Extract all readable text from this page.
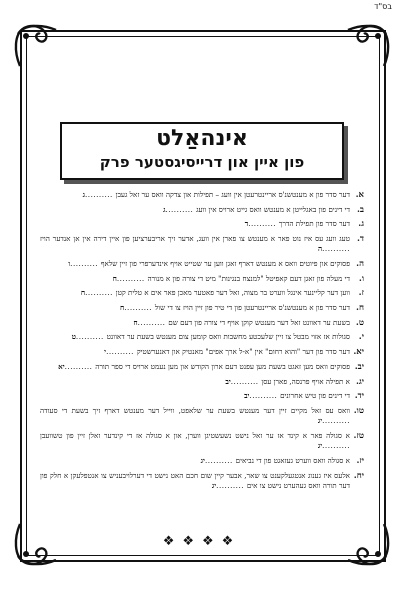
בס"ד
אינהאַלט
פון איין און דרייסיגסטער פרק
א.
דער סדר פון א מענטשנ'ס אריינטרעטן אין וועג – תפילות און צדקה וואס ער זאל געבן ..........ג
ב.
די דינים פון באגלייטן א מענטש וואס גייט ארויס אין וועג ..........ג
ג.
דער סדר פון תפילת הדרך ..........ד
ד.
טעג וועג עס איז נוט פאר א מענטש צו פארן אין וועג, אדער זיך אריבערציען פון איין דירה אין אן אנדער הויז ..........ה
ה.
פסוקים און פיוטים וואס א מענטש דארף זאגן ווען ער שטייט אויף אינדערפרי פון זיין שלאף ..........ו
ו.
די מעלה פון זאגן דעם קאפיטל "למנצח בנגינות" מיט די צורה פון א מנורה ..........ח
ז.
ווען דער קליינער אינגל ווערט בר מצוה, זאל דער פאטער מאכן פאר אים א טלית קטן ..........ח
ח.
דער סדר פון א מענטשנ'ס אריינטרעטן פון די טיר פון זיין הויז צו די שול ..........ח
ט.
בשעת ער דאוונט זאל דער מענטש קוקן אויף די צורה פון דעם שם ..........ח
י.
סגולות אז אזוי מבטל צו זיין שלעכטע מחשבות וואס קומען צום מענטש בשעת ער דאוונט ..........ט
יא.
דער סדר פון דער "והוא רחום" אין "א-ל ארך אפים" מאנטיק און דאנערשטיק ..........י
יב.
פסוקים וואס מען זאגט בשעת מען עפנט דעם ארון הקודש און מען נעמט ארויס די ספר תורה ..........יא
יג.
א תפילה אויף פרנסה, פארן עסן ..........יב
יד.
די דינים פון טיש אחרונים ..........יב
טו.
וואס עס זאל מקיים זיין דער מענטש בשעת ער שלאפט, ווייל דער מענטש דארף זיך בשעת די סעודה ..........יג
טז.
א סגולה פאר א קינד אז ער זאל נישט נשעשטיגן ווערן, און א סגולה אז די קינדער זאלן זיין פון טשוועבן ..........יג
יז.
א סגולה וואס ווערט געזאגט פון די נביאים ..........יג
יח.
אלעס איז גענוג אנטגעלקענט צו שאר, אבער קיין שום חכם האט נישט די דערלויבעניש צו אנטפלעקן א חלק פון דער תורה וואס געהערט נישט צו אים ..........יג
❖❖❖❖
